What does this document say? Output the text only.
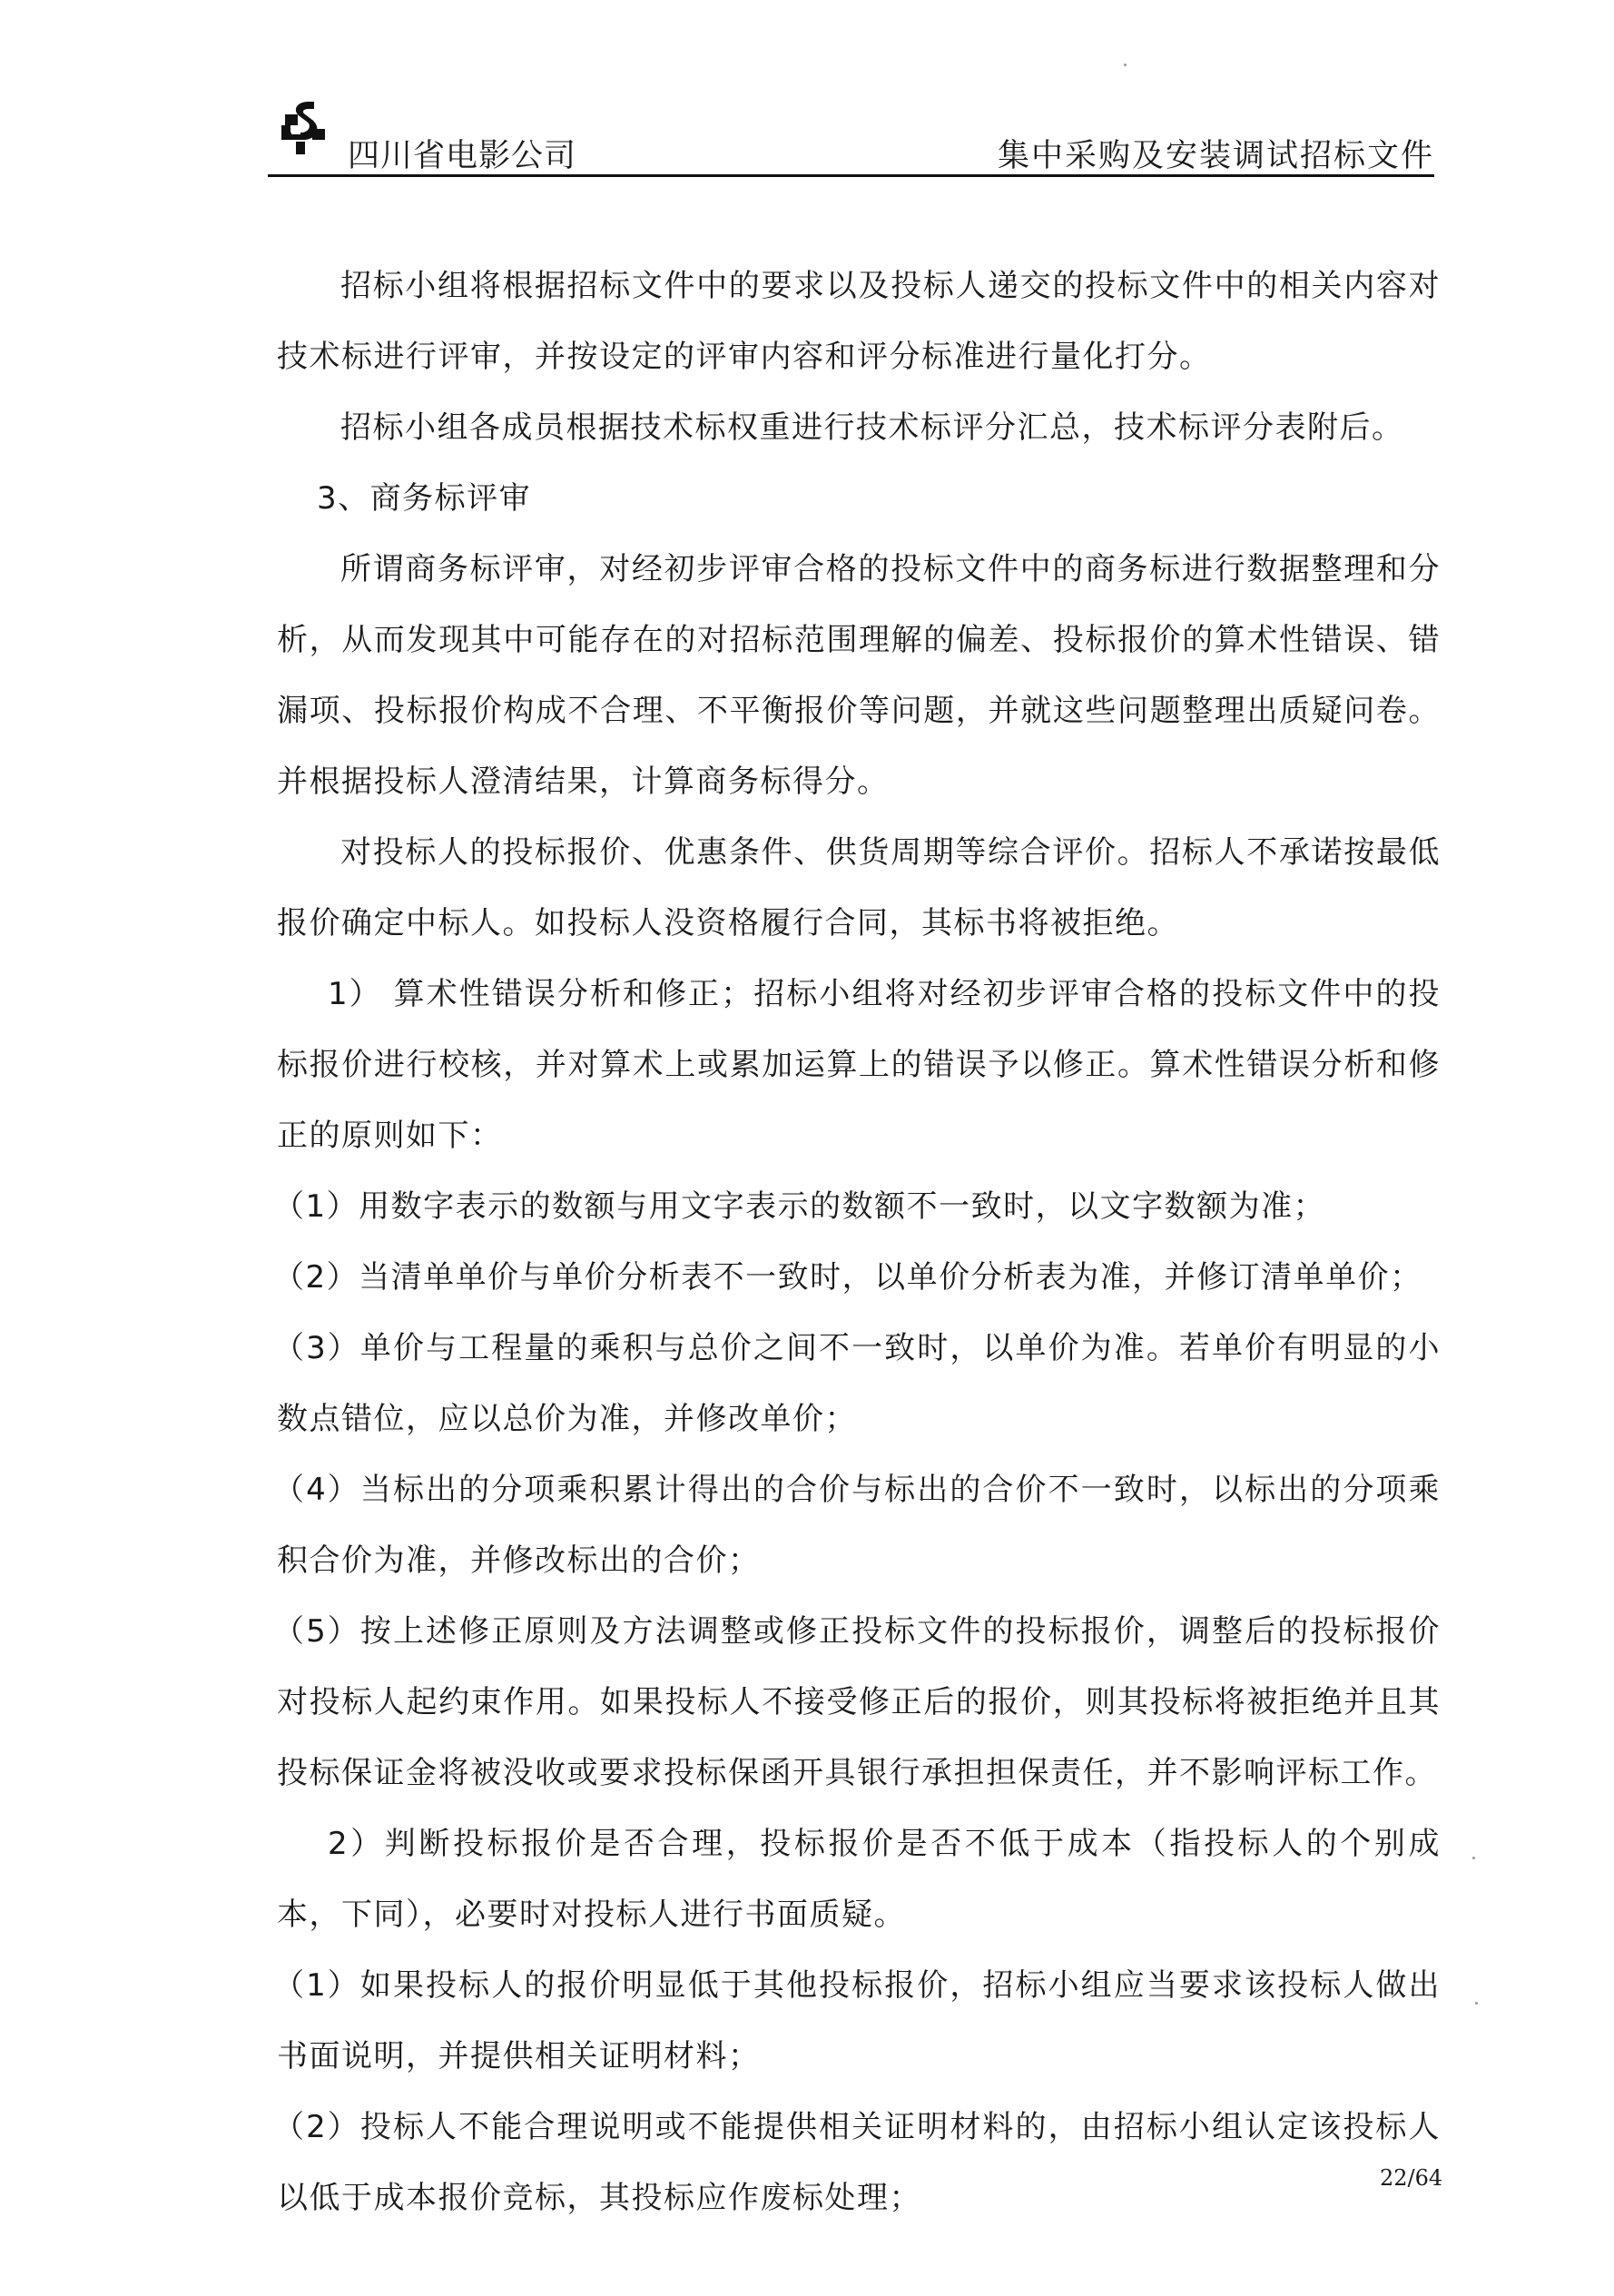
四川省电影公司	集中采购及安装调试招标文件

招标小组将根据招标文件中的要求以及投标人递交的投标文件中的相关内容对技术标进行评审，并按设定的评审内容和评分标准进行量化打分。

招标小组各成员根据技术标权重进行技术标评分汇总，技术标评分表附后。

3、商务标评审

所谓商务标评审，对经初步评审合格的投标文件中的商务标进行数据整理和分析，从而发现其中可能存在的对招标范围理解的偏差、投标报价的算术性错误、错漏项、投标报价构成不合理、不平衡报价等问题，并就这些问题整理出质疑问卷。并根据投标人澄清结果，计算商务标得分。

对投标人的投标报价、优惠条件、供货周期等综合评价。招标人不承诺按最低报价确定中标人。如投标人没资格履行合同，其标书将被拒绝。

1） 算术性错误分析和修正；招标小组将对经初步评审合格的投标文件中的投标报价进行校核，并对算术上或累加运算上的错误予以修正。算术性错误分析和修正的原则如下：

（1）用数字表示的数额与用文字表示的数额不一致时，以文字数额为准；

（2）当清单单价与单价分析表不一致时，以单价分析表为准，并修订清单单价；

（3）单价与工程量的乘积与总价之间不一致时，以单价为准。若单价有明显的小数点错位，应以总价为准，并修改单价；

（4）当标出的分项乘积累计得出的合价与标出的合价不一致时，以标出的分项乘积合价为准，并修改标出的合价；

（5）按上述修正原则及方法调整或修正投标文件的投标报价，调整后的投标报价对投标人起约束作用。如果投标人不接受修正后的报价，则其投标将被拒绝并且其投标保证金将被没收或要求投标保函开具银行承担担保责任，并不影响评标工作。

2）判断投标报价是否合理，投标报价是否不低于成本（指投标人的个别成本，下同），必要时对投标人进行书面质疑。

（1）如果投标人的报价明显低于其他投标报价，招标小组应当要求该投标人做出书面说明，并提供相关证明材料；

（2）投标人不能合理说明或不能提供相关证明材料的，由招标小组认定该投标人以低于成本报价竞标，其投标应作废标处理；

22/64
